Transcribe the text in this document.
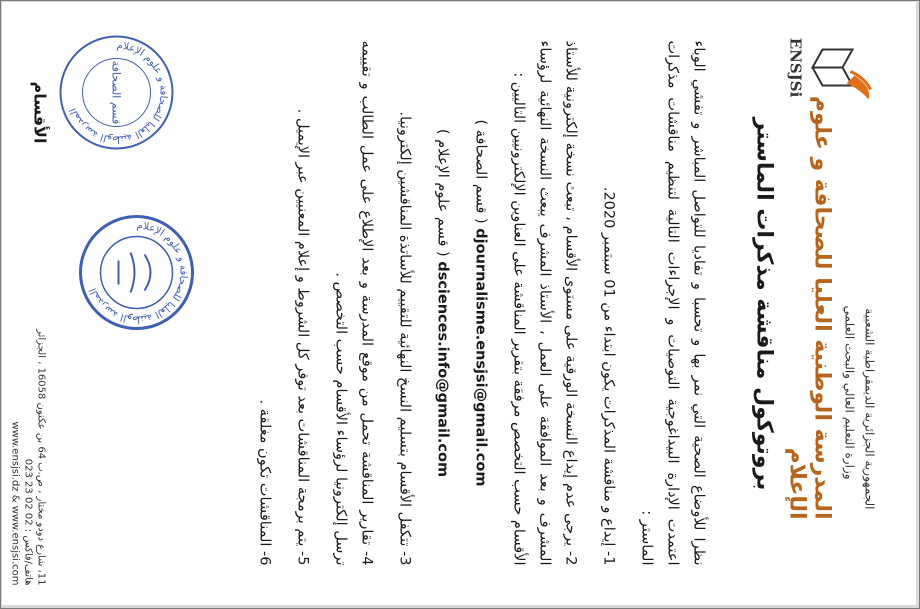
الجمهورية الجزائرية الديمقراطية الشعبية
وزارة التعليم العالي والبحث العلمي
المدرسة الوطنية العليا للصحافة و علوم الإعلام
ENSJSi
بروتوكول مناقشة مذكرات الماستر

نظرا للأوضاع الصحية التي نمر بها و تحسبا و تفاديا للتواصل المباشر و تفشي الوباء اعتمدت الإدارة البيداغوجية التوصيات و الإجراءات التالية لتنظيم مناقشات مذكرات الماستر :

1- إيداع و مناقشة المذكرات يكون ابتداء من 01 سبتمبر 2020.

2- يرجى عدم إيداع النسخة الورقية على مستوى الأقسام ، تبعث نسخة إلكترونية للأستاذ المشرف و بعد الموافقة على العمل ، الأستاذ المشرف يبعث النسخة النهائية لرؤساء الأقسام حسب التخصص مرفقة بتقرير المناقشة على العناوين الإلكترونيين التاليين :

djournalisme.ensjsi@gmail.com ( قسم الصحافة )

dsciences.info@gmail.com ( قسم علوم الإعلام )

3- تتكفل الأقسام بتسليم النسخ النهائية للتقييم للأساتذة المناقشين إلكترونيا.

4- تقارير المناقشة تحمل من موقع المدرسة و بعد الإطلاع على عمل الطالب و تقييمه ترسل إلكترونيا لرؤساء الأقسام حسب التخصص .

5- يتم برمجة المناقشات بعد توفر كل الشروط و إعلام المعنيين عبر الإيميل .

6- المناقشات تكون مغلقة .

المدرسة الوطنية العليا للصحافة و علوم الإعلام
المدرسة الوطنية العليا للصحافة و علوم الإعلام	قسم الصحافة
الأقسام
11، شارع دودو مختار ، ص.ب 64 بن عكنون 16058 ، الجزائر
هاتف/فاكس : 02 02 23 023
www.ensjsi.dz & www.ensjsi.com
